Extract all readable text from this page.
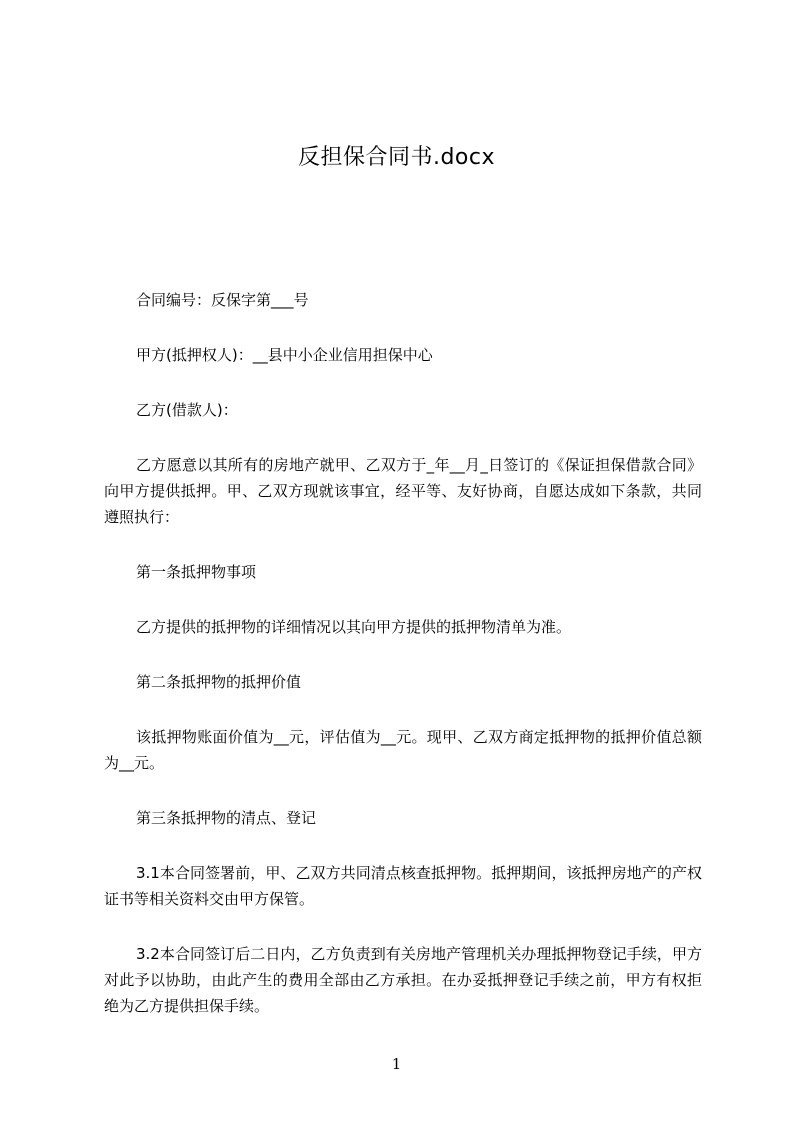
反担保合同书.docx

合同编号：反保字第___号

甲方(抵押权人)：__县中小企业信用担保中心

乙方(借款人)：

乙方愿意以其所有的房地产就甲、乙双方于_年__月_日签订的《保证担保借款合同》向甲方提供抵押。甲、乙双方现就该事宜，经平等、友好协商，自愿达成如下条款，共同遵照执行：

第一条抵押物事项

乙方提供的抵押物的详细情况以其向甲方提供的抵押物清单为准。

第二条抵押物的抵押价值

该抵押物账面价值为__元，评估值为__元。现甲、乙双方商定抵押物的抵押价值总额为__元。

第三条抵押物的清点、登记

3.1本合同签署前，甲、乙双方共同清点核查抵押物。抵押期间，该抵押房地产的产权证书等相关资料交由甲方保管。

3.2本合同签订后二日内，乙方负责到有关房地产管理机关办理抵押物登记手续，甲方对此予以协助，由此产生的费用全部由乙方承担。在办妥抵押登记手续之前，甲方有权拒绝为乙方提供担保手续。

1
